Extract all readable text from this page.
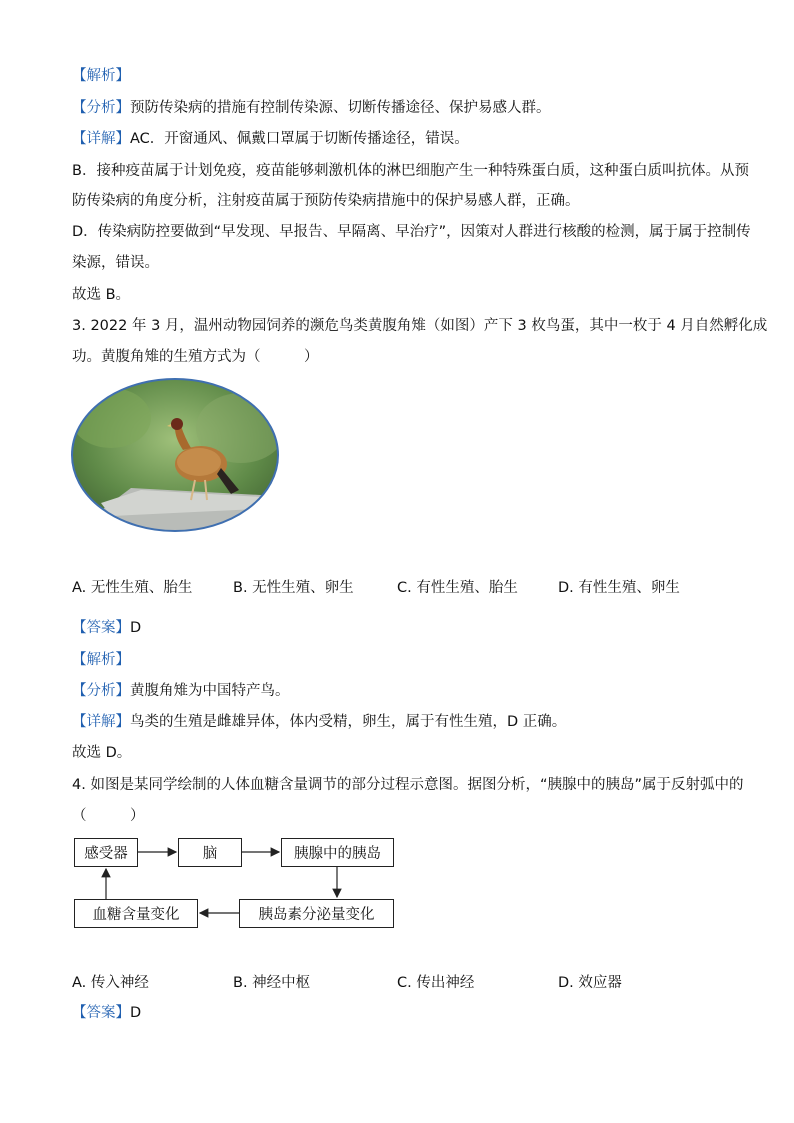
【解析】
【分析】预防传染病的措施有控制传染源、切断传播途径、保护易感人群。
【详解】AC．开窗通风、佩戴口罩属于切断传播途径，错误。
B．接种疫苗属于计划免疫，疫苗能够刺激机体的淋巴细胞产生一种特殊蛋白质，这种蛋白质叫抗体。从预
防传染病的角度分析，注射疫苗属于预防传染病措施中的保护易感人群，正确。
D．传染病防控要做到“早发现、早报告、早隔离、早治疗”，因策对人群进行核酸的检测，属于属于控制传
染源，错误。
故选 B。
3. 2022 年 3 月，温州动物园饲养的濒危鸟类黄腹角雉（如图）产下 3 枚鸟蛋，其中一枚于 4 月自然孵化成
功。黄腹角雉的生殖方式为（　　　）
A. 无性生殖、胎生	B. 无性生殖、卵生	C. 有性生殖、胎生	D. 有性生殖、卵生
【答案】D
【解析】
【分析】黄腹角雉为中国特产鸟。
【详解】鸟类的生殖是雌雄异体，体内受精，卵生，属于有性生殖，D 正确。
故选 D。
4. 如图是某同学绘制的人体血糖含量调节的部分过程示意图。据图分析，“胰腺中的胰岛”属于反射弧中的
（　　　）
感受器	脑	胰腺中的胰岛
胰岛素分泌量变化
血糖含量变化
A. 传入神经	B. 神经中枢	C. 传出神经	D. 效应器
【答案】D
